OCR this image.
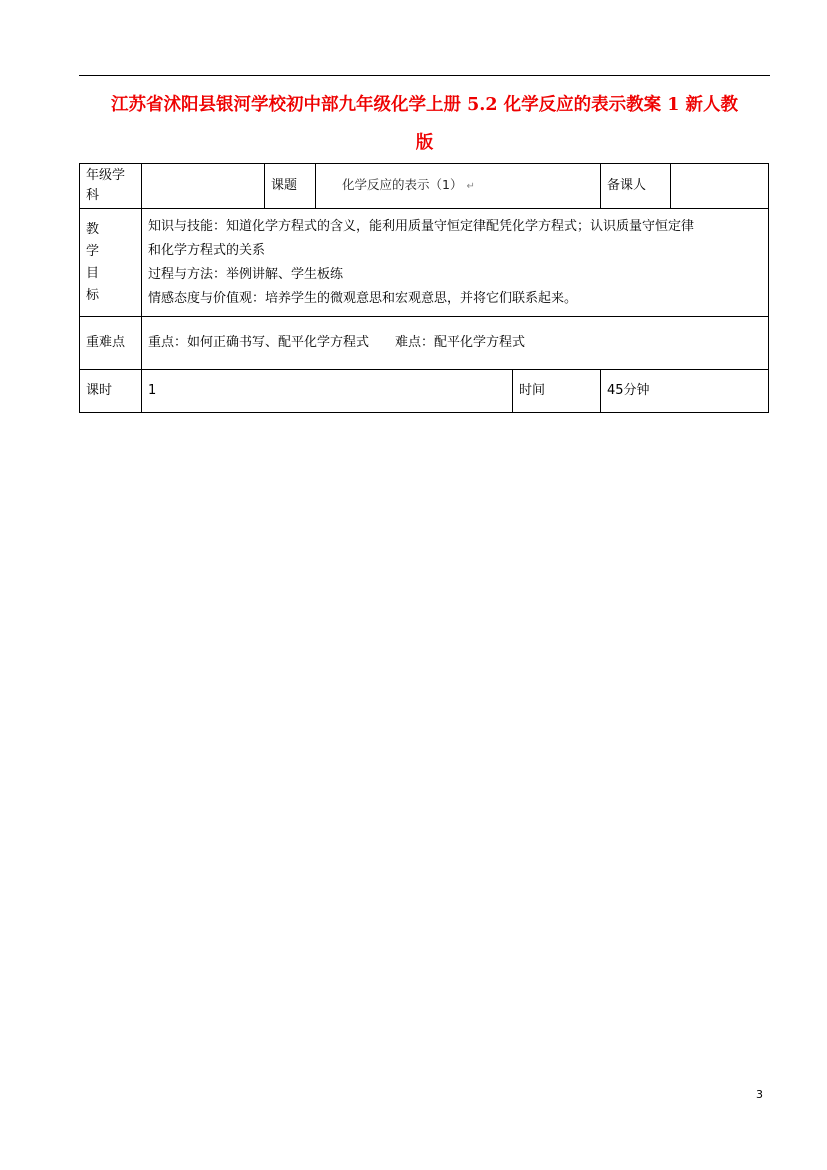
江苏省沭阳县银河学校初中部九年级化学上册 5.2 化学反应的表示教案 1 新人教
版
年级学科		课题	化学反应的表示（1） ↵		备课人	

教
学
目
标	知识与技能：知道化学方程式的含义，能利用质量守恒定律配凭化学方程式；认识质量守恒定律
和化学方程式的关系
过程与方法：举例讲解、学生板练
情感态度与价值观：培养学生的微观意思和宏观意思，并将它们联系起来。					

重难点	重点：如何正确书写、配平化学方程式 难点：配平化学方程式					
课时	1			时间	45分钟	
3
